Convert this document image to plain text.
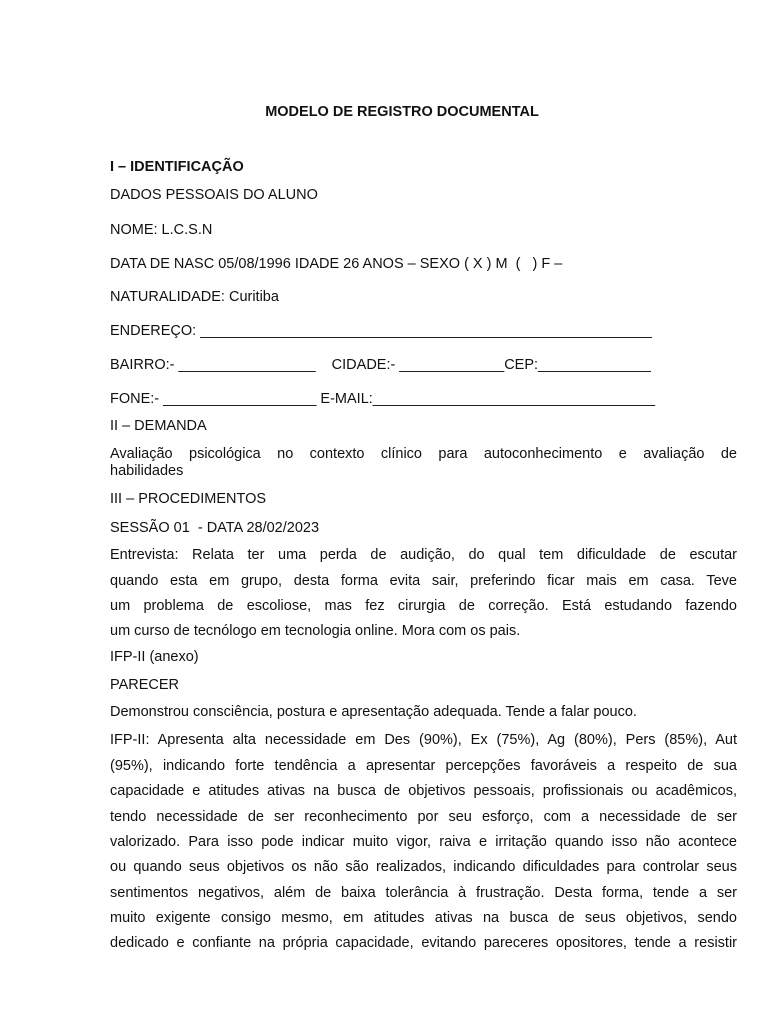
MODELO DE REGISTRO DOCUMENTAL
I – IDENTIFICAÇÃO
DADOS PESSOAIS DO ALUNO
NOME: L.C.S.N
DATA DE NASC 05/08/1996 IDADE 26 ANOS – SEXO ( X ) M  (   ) F –
NATURALIDADE: Curitiba
ENDEREÇO: ________________________________________________________
BAIRRO:- _________________    CIDADE:- _____________CEP:______________
FONE:- ___________________ E-MAIL:___________________________________
II – DEMANDA
Avaliação psicológica no contexto clínico para autoconhecimento e avaliação de
habilidades
III – PROCEDIMENTOS
SESSÃO 01  - DATA 28/02/2023
Entrevista: Relata ter uma perda de audição, do qual tem dificuldade de escutar
quando esta em grupo, desta forma evita sair, preferindo ficar mais em casa. Teve
um problema de escoliose, mas fez cirurgia de correção. Está estudando fazendo
um curso de tecnólogo em tecnologia online. Mora com os pais.
IFP-II (anexo)
PARECER
Demonstrou consciência, postura e apresentação adequada. Tende a falar pouco.
IFP-II: Apresenta alta necessidade em Des (90%), Ex (75%), Ag (80%), Pers (85%), Aut
(95%), indicando forte tendência a apresentar percepções favoráveis a respeito de sua
capacidade e atitudes ativas na busca de objetivos pessoais, profissionais ou acadêmicos,
tendo necessidade de ser reconhecimento por seu esforço, com a necessidade de ser
valorizado. Para isso pode indicar muito vigor, raiva e irritação quando isso não acontece
ou quando seus objetivos os não são realizados, indicando dificuldades para controlar seus
sentimentos negativos, além de baixa tolerância à frustração. Desta forma, tende a ser
muito exigente consigo mesmo, em atitudes ativas na busca de seus objetivos, sendo
dedicado e confiante na própria capacidade, evitando pareceres opositores, tende a resistir
